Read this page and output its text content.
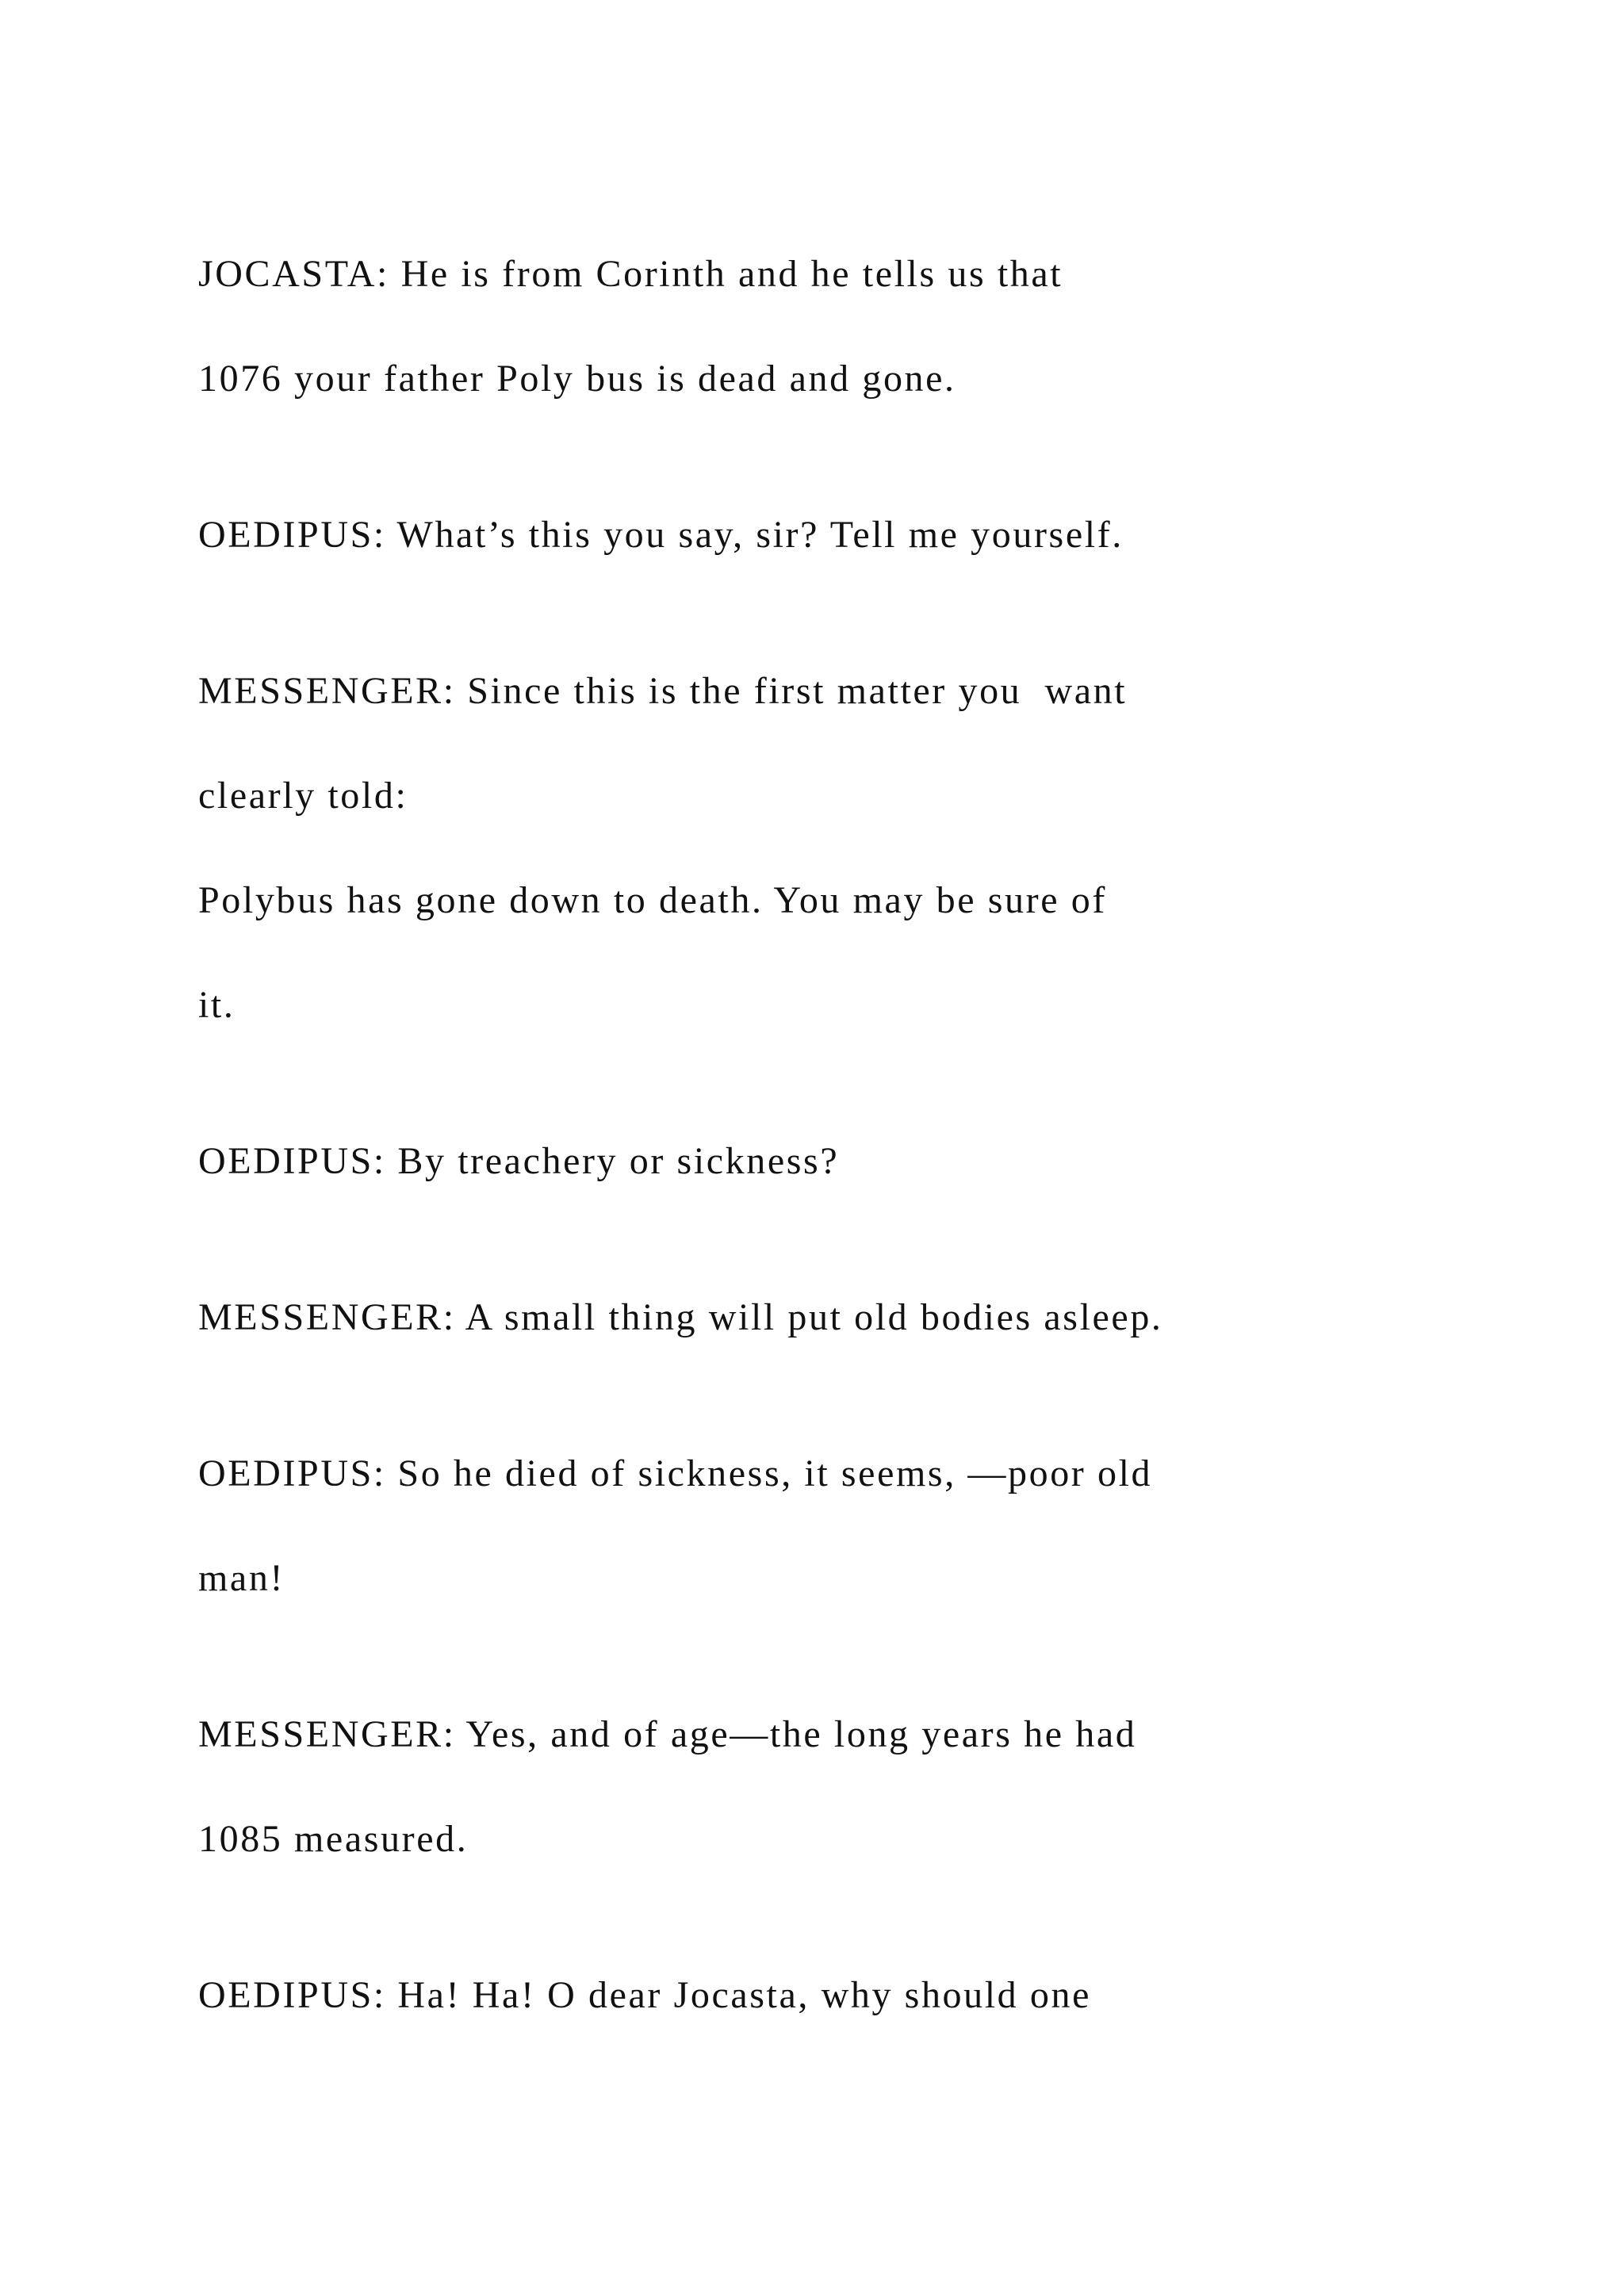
JOCASTA: He is from Corinth and he tells us that

1076 your father Poly bus is dead and gone.

OEDIPUS: What’s this you say, sir? Tell me yourself.

MESSENGER: Since this is the first matter you  want

clearly told:

Polybus has gone down to death. You may be sure of

it.

OEDIPUS: By treachery or sickness?

MESSENGER: A small thing will put old bodies asleep.

OEDIPUS: So he died of sickness, it seems, —poor old

man!

MESSENGER: Yes, and of age—the long years he had

1085 measured.

OEDIPUS: Ha! Ha! O dear Jocasta, why should one
